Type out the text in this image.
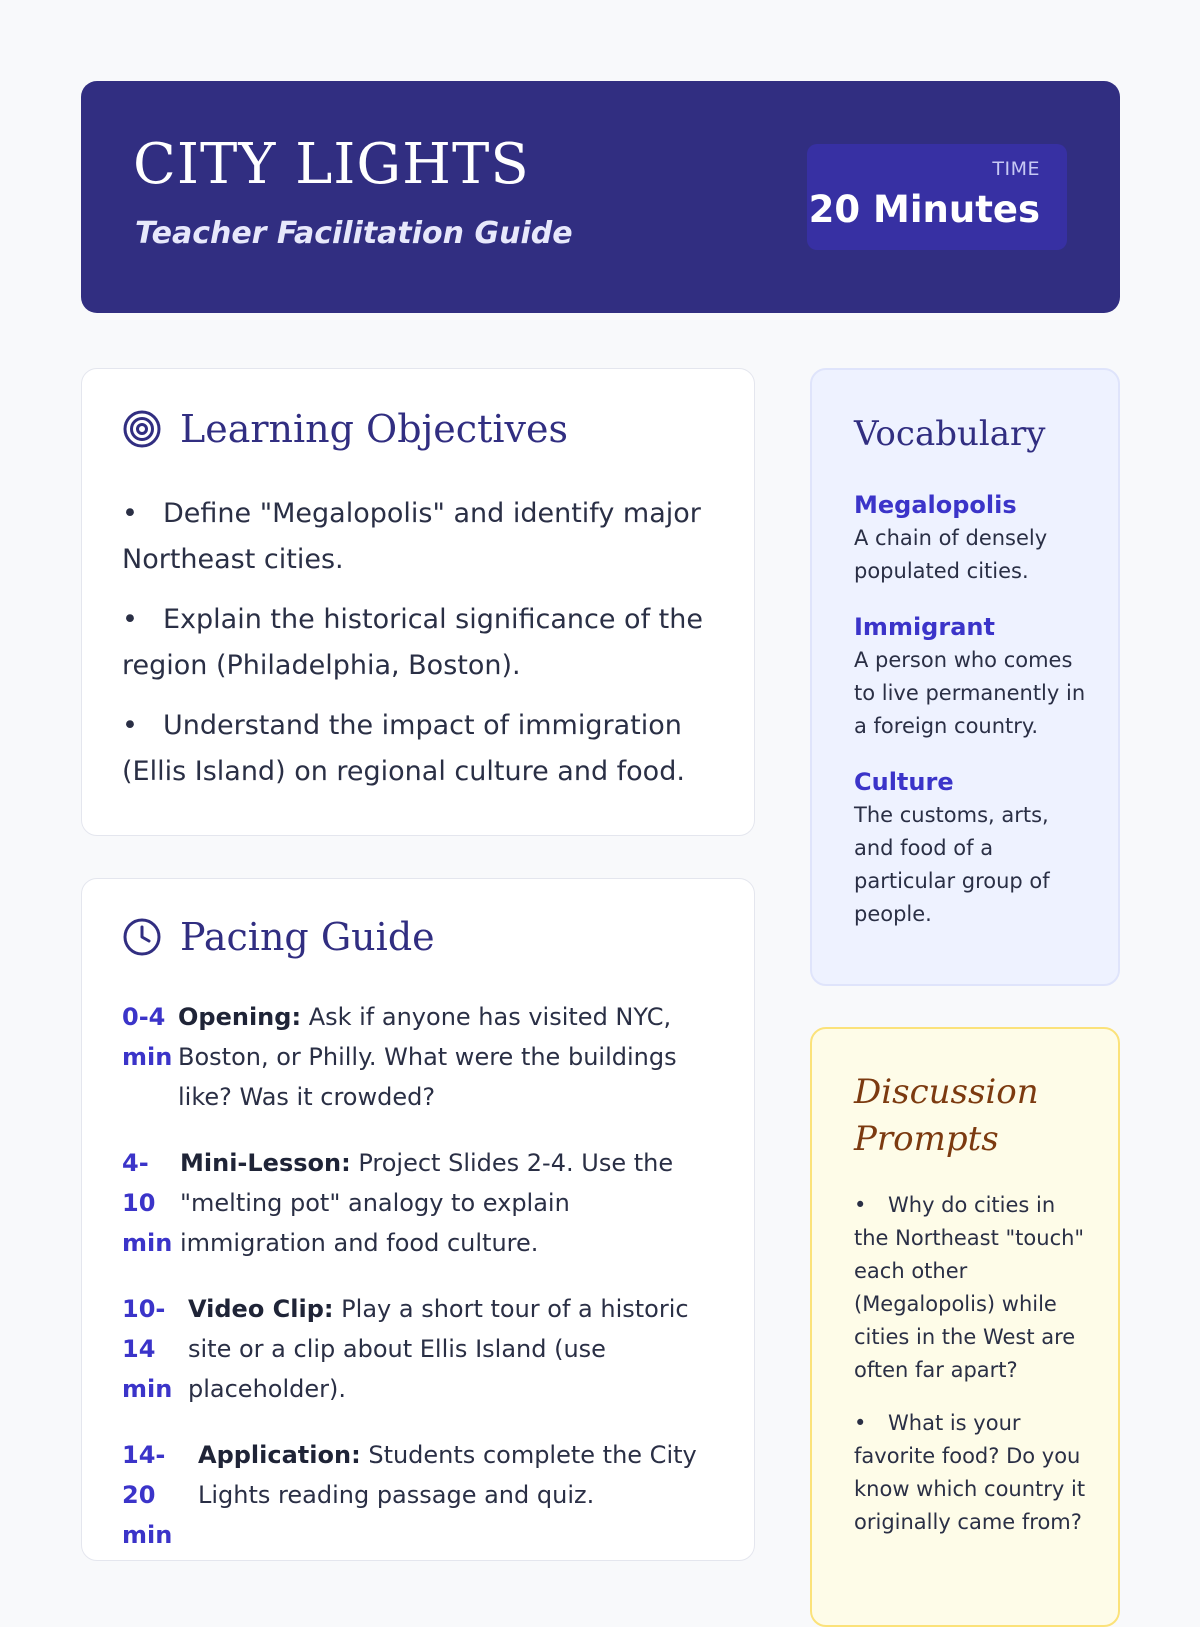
CITY LIGHTS
Teacher Facilitation Guide
TIME
20 Minutes
Learning Objectives
• Define "Megalopolis" and identify major Northeast cities.
• Explain the historical significance of the region (Philadelphia, Boston).
• Understand the impact of immigration (Ellis Island) on regional culture and food.
Pacing Guide
0-4 min
Opening: Ask if anyone has visited NYC, Boston, or Philly. What were the buildings like? Was it crowded?
4-10 min
Mini-Lesson: Project Slides 2-4. Use the "melting pot" analogy to explain immigration and food culture.
10-14 min
Video Clip: Play a short tour of a historic site or a clip about Ellis Island (use placeholder).
14-20 min
Application: Students complete the City Lights reading passage and quiz.
Vocabulary
Megalopolis
A chain of densely populated cities.
Immigrant
A person who comes to live permanently in a foreign country.
Culture
The customs, arts, and food of a particular group of people.
Discussion Prompts
• Why do cities in the Northeast "touch" each other (Megalopolis) while cities in the West are often far apart?
• What is your favorite food? Do you know which country it originally came from?
